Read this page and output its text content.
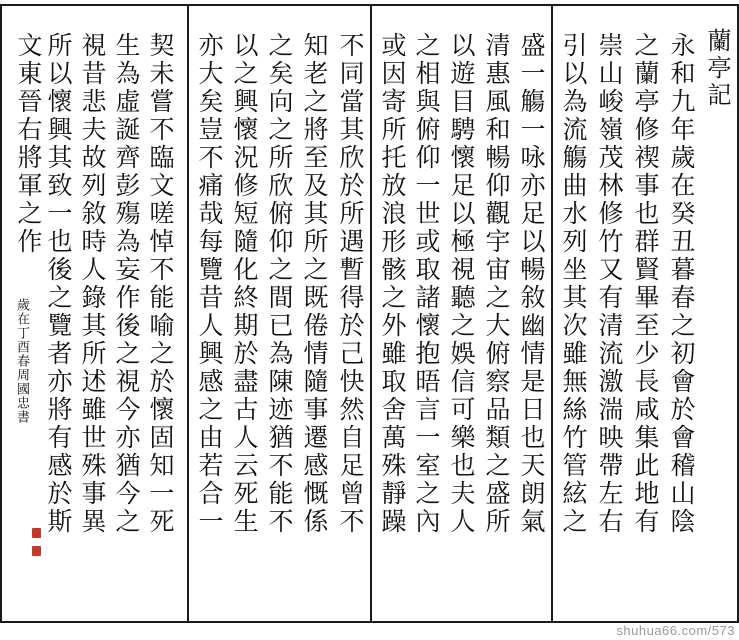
蘭亭記
永和九年歲在癸丑暮春之初會於會稽山陰
之蘭亭修禊事也群賢畢至少長咸集此地有
崇山峻嶺茂林修竹又有清流激湍映帶左右
引以為流觴曲水列坐其次雖無絲竹管絃之
盛一觴一咏亦足以暢敘幽情是日也天朗氣
清惠風和暢仰觀宇宙之大俯察品類之盛所
以遊目騁懷足以極視聽之娛信可樂也夫人
之相與俯仰一世或取諸懷抱晤言一室之內
或因寄所托放浪形骸之外雖取舍萬殊靜躁
不同當其欣於所遇暫得於己快然自足曾不
知老之將至及其所之既倦情隨事遷感慨係
之矣向之所欣俯仰之間已為陳迹猶不能不
以之興懷況修短隨化終期於盡古人云死生
亦大矣豈不痛哉每覽昔人興感之由若合一
契未嘗不臨文嗟悼不能喻之於懷固知一死
生為虛誕齊彭殤為妄作後之視今亦猶今之
視昔悲夫故列敘時人錄其所述雖世殊事異
所以懷興其致一也後之覽者亦將有感於斯
文東晉右將軍之作
歲在丁酉春周國忠書
shuhua66.com/573
